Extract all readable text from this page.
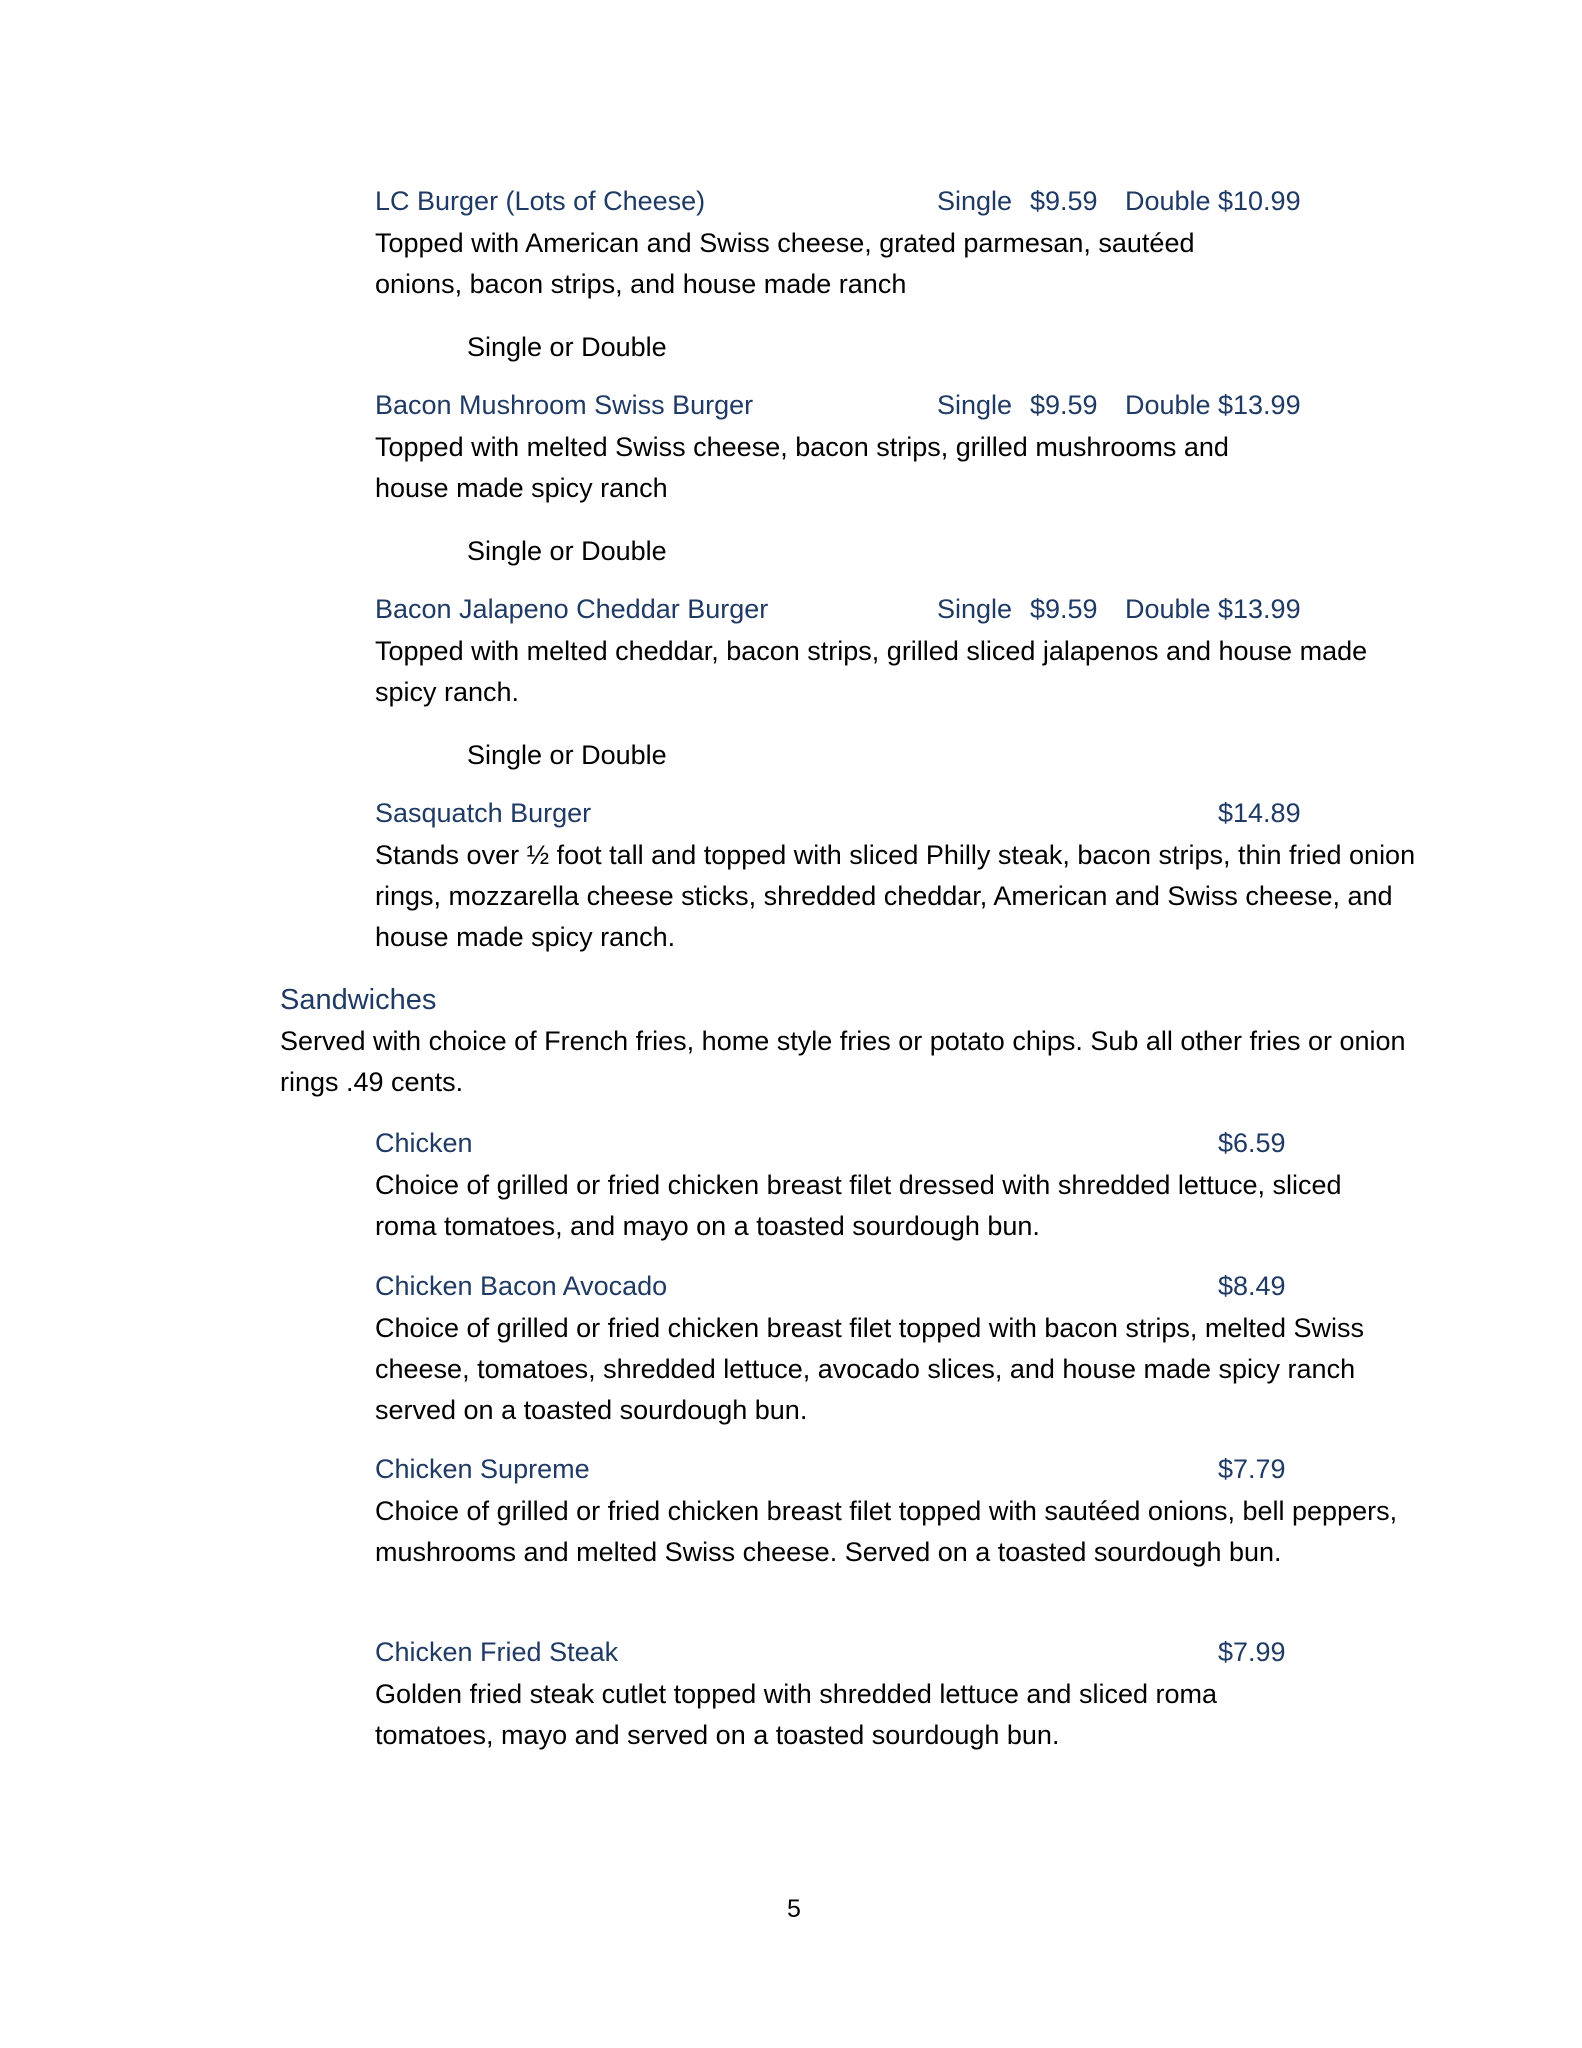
LC Burger (Lots of Cheese)	Single $9.59 Double $10.99

Topped with American and Swiss cheese, grated parmesan, sautéed onions, bacon strips, and house made ranch

Single or Double
Bacon Mushroom Swiss Burger	Single $9.59 Double $13.99

Topped with melted Swiss cheese, bacon strips, grilled mushrooms and house made spicy ranch

Single or Double
Bacon Jalapeno Cheddar Burger	Single $9.59 Double $13.99

Topped with melted cheddar, bacon strips, grilled sliced jalapenos and house made spicy ranch.

Single or Double
Sasquatch Burger	$14.89

Stands over ½ foot tall and topped with sliced Philly steak, bacon strips, thin fried onion rings, mozzarella cheese sticks, shredded cheddar, American and Swiss cheese, and house made spicy ranch.

Sandwiches

Served with choice of French fries, home style fries or potato chips. Sub all other fries or onion rings .49 cents.

Chicken	$6.59

Choice of grilled or fried chicken breast filet dressed with shredded lettuce, sliced roma tomatoes, and mayo on a toasted sourdough bun.

Chicken Bacon Avocado	$8.49

Choice of grilled or fried chicken breast filet topped with bacon strips, melted Swiss cheese, tomatoes, shredded lettuce, avocado slices, and house made spicy ranch served on a toasted sourdough bun.

Chicken Supreme	$7.79

Choice of grilled or fried chicken breast filet topped with sautéed onions, bell peppers, mushrooms and melted Swiss cheese. Served on a toasted sourdough bun.

Chicken Fried Steak	$7.99

Golden fried steak cutlet topped with shredded lettuce and sliced roma tomatoes, mayo and served on a toasted sourdough bun.

5
